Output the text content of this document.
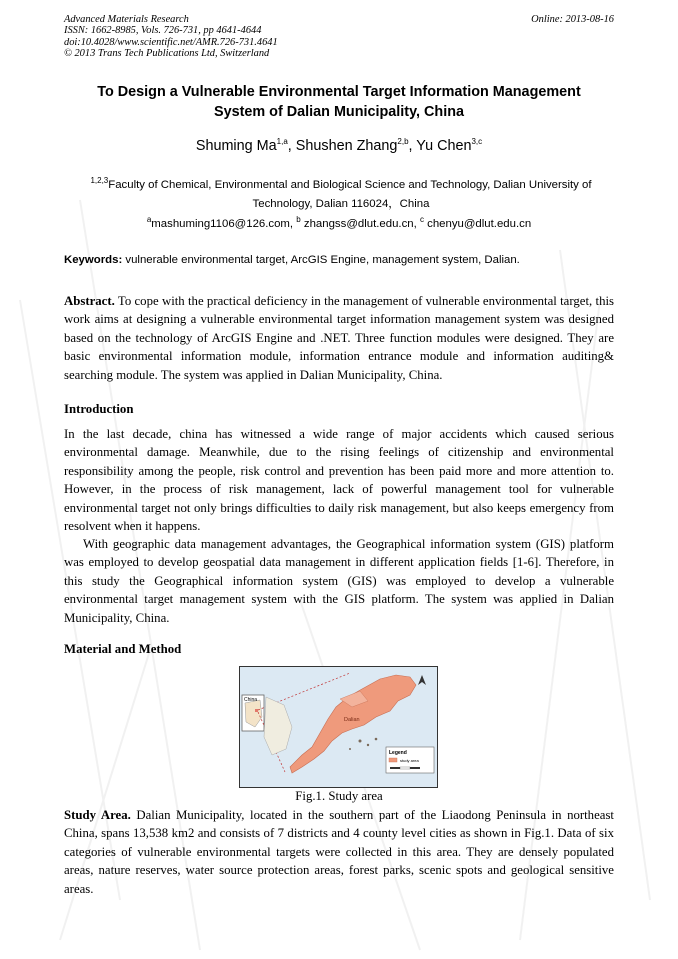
Advanced Materials Research
ISSN: 1662-8985, Vols. 726-731, pp 4641-4644
doi:10.4028/www.scientific.net/AMR.726-731.4641
© 2013 Trans Tech Publications Ltd, Switzerland
Online: 2013-08-16
To Design a Vulnerable Environmental Target Information Management
System of Dalian Municipality, China
Shuming Ma$^{1,a}$, Shushen Zhang$^{2,b}$, Yu Chen$^{3,c}$
$^{1,2,3}$Faculty of Chemical, Environmental and Biological Science and Technology, Dalian University of Technology, Dalian 116024，China
$^a$mashuming1106@126.com, $^b$ zhangss@dlut.edu.cn, $^c$ chenyu@dlut.edu.cn
Keywords: vulnerable environmental target, ArcGIS Engine, management system, Dalian.
Abstract. To cope with the practical deficiency in the management of vulnerable environmental target, this work aims at designing a vulnerable environmental target information management system was designed based on the technology of ArcGIS Engine and .NET. Three function modules were designed. They are basic environmental information module, information entrance module and information auditing& searching module. The system was applied in Dalian Municipality, China.
Introduction
In the last decade, china has witnessed a wide range of major accidents which caused serious environmental damage. Meanwhile, due to the rising feelings of citizenship and environmental responsibility among the people, risk control and prevention has been paid more and more attention to. However, in the process of risk management, lack of powerful management tool for vulnerable environmental target not only brings difficulties to daily risk management, but also keeps emergency from resolvent when it happens.
With geographic data management advantages, the Geographical information system (GIS) platform was employed to develop geospatial data management in different application fields [1-6]. Therefore, in this study the Geographical information system (GIS) was employed to develop a vulnerable environmental target management system with the GIS platform. The system was applied in Dalian Municipality, China.
Material and Method
China
Dalian
Legend
study area
Fig.1. Study area
Study Area. Dalian Municipality, located in the southern part of the Liaodong Peninsula in northeast China, spans 13,538 km2 and consists of 7 districts and 4 county level cities as shown in Fig.1. Data of six categories of vulnerable environmental targets were collected in this area. They are densely populated areas, nature reserves, water source protection areas, forest parks, scenic spots and geological sensitive areas.
